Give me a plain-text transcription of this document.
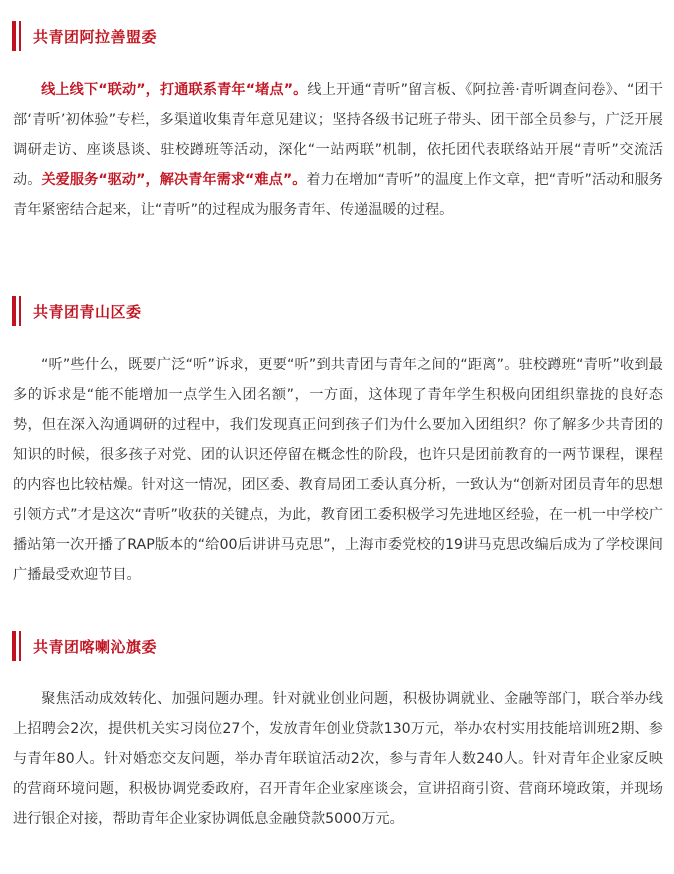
共青团阿拉善盟委

线上线下“联动”，打通联系青年“堵点”。线上开通“青听”留言板、《阿拉善·青听调查问卷》、“团干部‘青听’初体验”专栏，多渠道收集青年意见建议；坚持各级书记班子带头、团干部全员参与，广泛开展调研走访、座谈恳谈、驻校蹲班等活动，深化“一站两联”机制，依托团代表联络站开展“青听”交流活动。关爱服务“驱动”，解决青年需求“难点”。着力在增加“青听”的温度上作文章，把“青听”活动和服务青年紧密结合起来，让“青听”的过程成为服务青年、传递温暖的过程。

共青团青山区委

“听”些什么，既要广泛“听”诉求，更要“听”到共青团与青年之间的“距离”。驻校蹲班“青听”收到最多的诉求是“能不能增加一点学生入团名额”，一方面，这体现了青年学生积极向团组织靠拢的良好态势，但在深入沟通调研的过程中，我们发现真正问到孩子们为什么要加入团组织？你了解多少共青团的知识的时候，很多孩子对党、团的认识还停留在概念性的阶段，也许只是团前教育的一两节课程，课程的内容也比较枯燥。针对这一情况，团区委、教育局团工委认真分析，一致认为“创新对团员青年的思想引领方式”才是这次“青听”收获的关键点，为此，教育团工委积极学习先进地区经验，在一机一中学校广播站第一次开播了RAP版本的“给00后讲讲马克思”，上海市委党校的19讲马克思改编后成为了学校课间广播最受欢迎节目。

共青团喀喇沁旗委

聚焦活动成效转化、加强问题办理。针对就业创业问题，积极协调就业、金融等部门，联合举办线上招聘会2次，提供机关实习岗位27个，发放青年创业贷款130万元，举办农村实用技能培训班2期、参与青年80人。针对婚恋交友问题，举办青年联谊活动2次，参与青年人数240人。针对青年企业家反映的营商环境问题，积极协调党委政府，召开青年企业家座谈会，宣讲招商引资、营商环境政策，并现场进行银企对接，帮助青年企业家协调低息金融贷款5000万元。
